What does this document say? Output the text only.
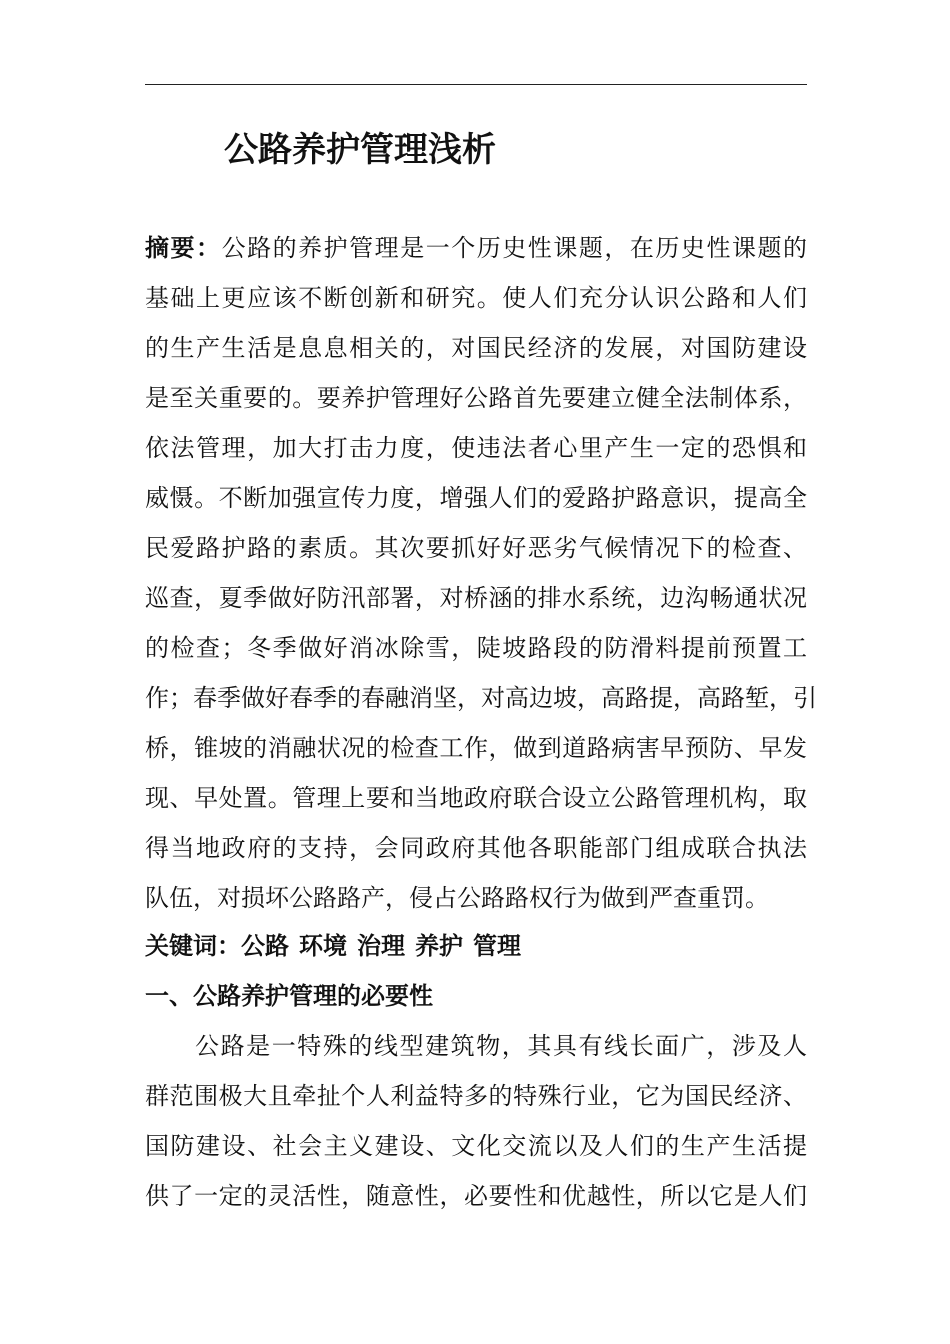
公路养护管理浅析
摘要：公路的养护管理是一个历史性课题，在历史性课题的
基础上更应该不断创新和研究。使人们充分认识公路和人们
的生产生活是息息相关的，对国民经济的发展，对国防建设
是至关重要的。要养护管理好公路首先要建立健全法制体系，
依法管理，加大打击力度，使违法者心里产生一定的恐惧和
威慑。不断加强宣传力度，增强人们的爱路护路意识，提高全
民爱路护路的素质。其次要抓好好恶劣气候情况下的检查、
巡查，夏季做好防汛部署，对桥涵的排水系统，边沟畅通状况
的检查；冬季做好消冰除雪，陡坡路段的防滑料提前预置工
作；春季做好春季的春融消坚，对高边坡，高路提，高路堑，引
桥，锥坡的消融状况的检查工作，做到道路病害早预防、早发
现、早处置。管理上要和当地政府联合设立公路管理机构，取
得当地政府的支持，会同政府其他各职能部门组成联合执法
队伍，对损坏公路路产，侵占公路路权行为做到严查重罚。
关键词：公路 环境 治理 养护 管理
一、公路养护管理的必要性
公路是一特殊的线型建筑物，其具有线长面广，涉及人
群范围极大且牵扯个人利益特多的特殊行业，它为国民经济、
国防建设、社会主义建设、文化交流以及人们的生产生活提
供了一定的灵活性，随意性，必要性和优越性，所以它是人们
